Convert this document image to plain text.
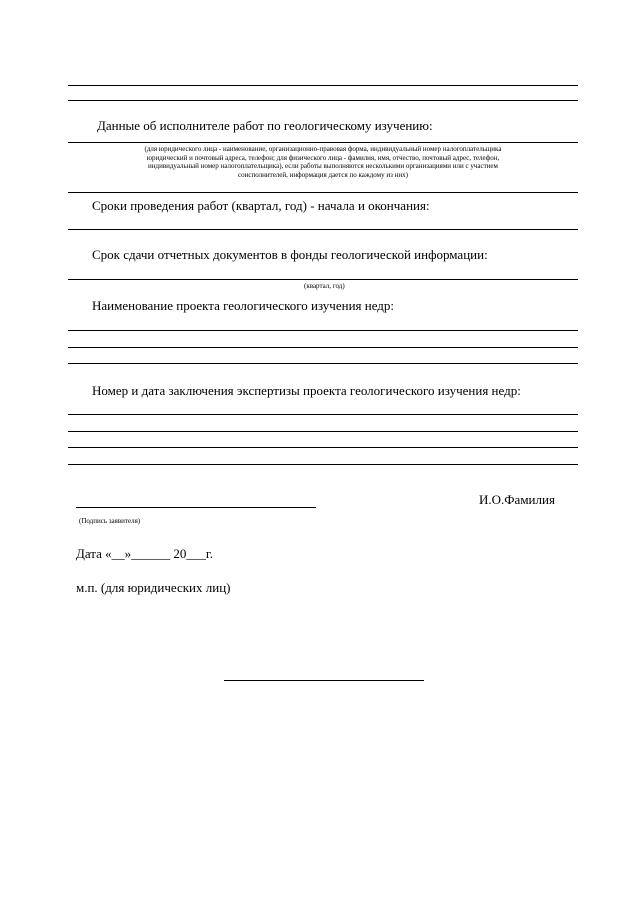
Данные об исполнителе работ по геологическому изучению:
(для юридического лица - наименование, организационно-правовая форма, индивидуальный номер налогоплательщика
юридический и почтовый адреса, телефон; для физического лица - фамилия, имя, отчество, почтовый адрес, телефон,
индивидуальный номер налогоплательщика), если работы выполняются несколькими организациями или с участием
соисполнителей, информация дается по каждому из них)
Сроки проведения работ (квартал, год) - начала и окончания:
Срок сдачи отчетных документов в фонды геологической информации:
(квартал, год)
Наименование проекта геологического изучения недр:
Номер и дата заключения экспертизы проекта геологического изучения недр:
И.О.Фамилия
(Подпись заявителя)
Дата «__»______ 20___г.
м.п. (для юридических лиц)
